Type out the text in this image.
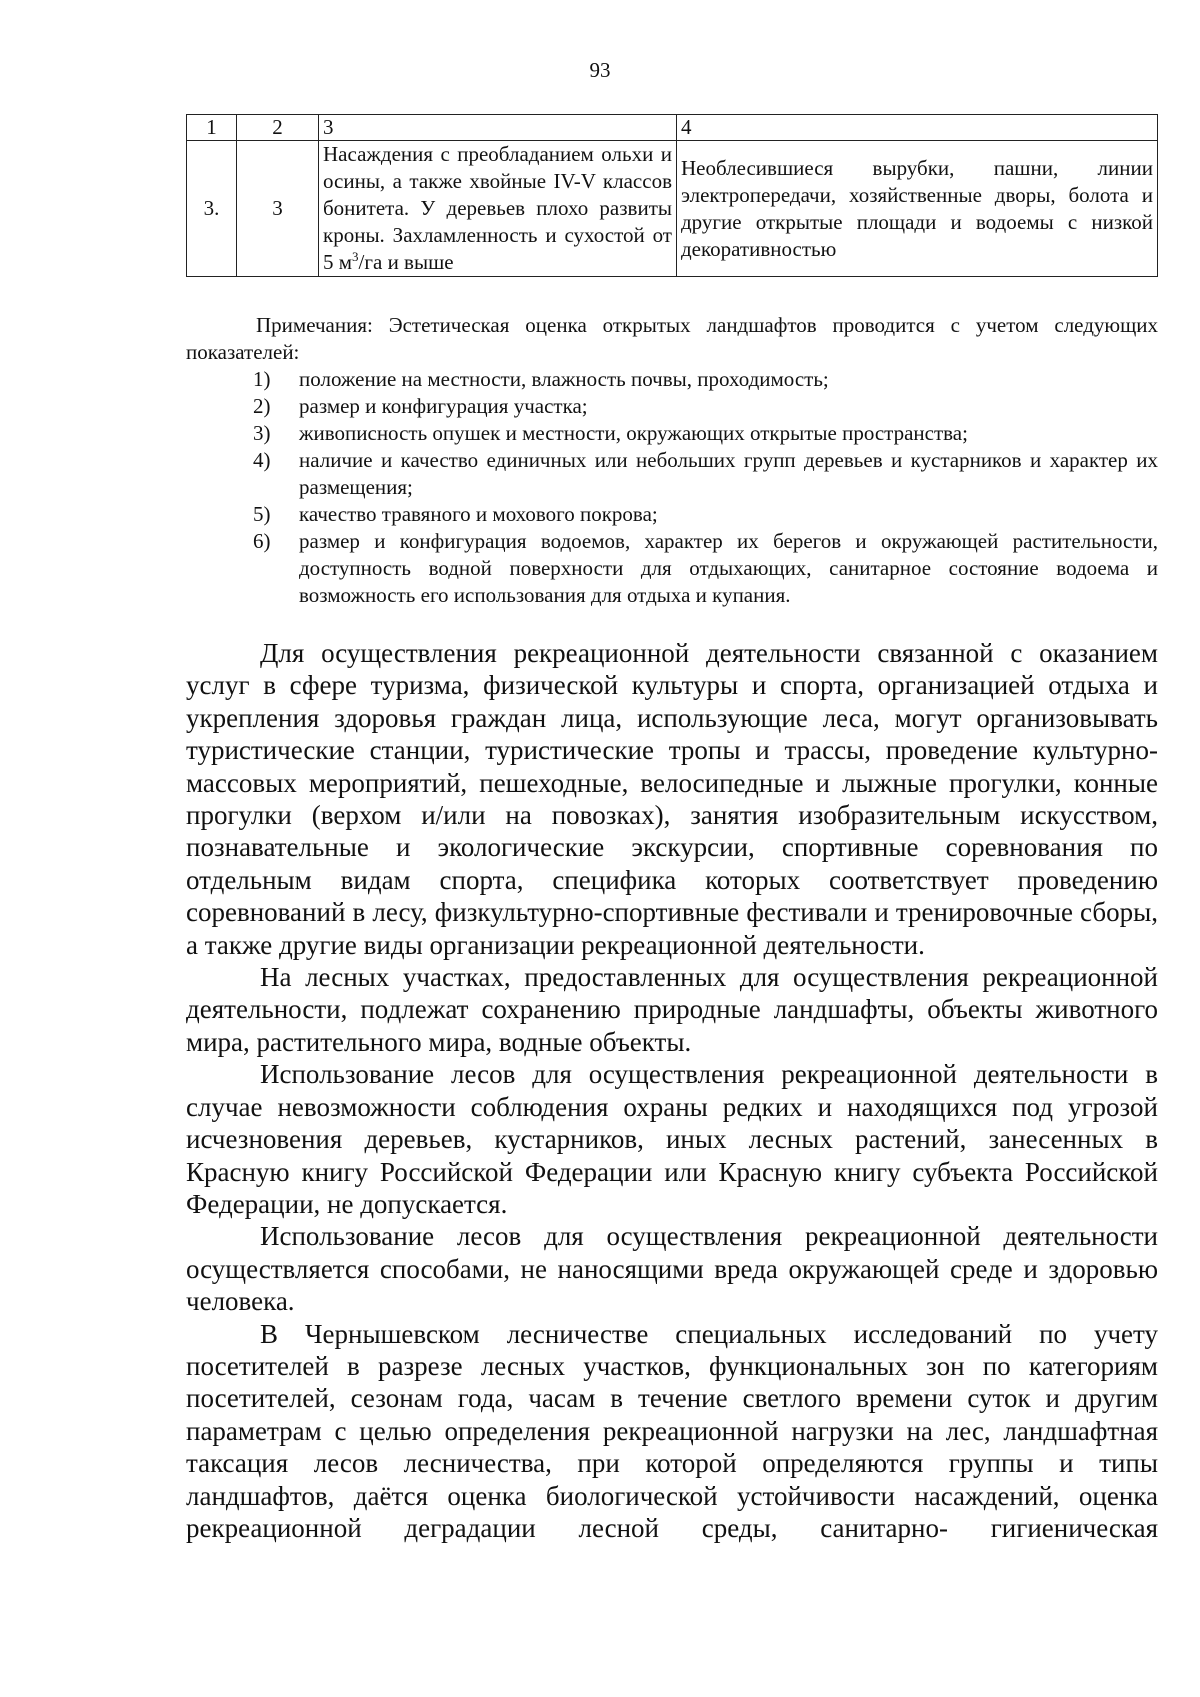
93
1	2	3	4
3.	3	Насаждения с преобладанием ольхи и осины, а также хвойные IV-V классов бонитета. У деревьев плохо развиты кроны. Захламленность и сухостой от 5 $м^3/га$ и выше	Необлесившиеся вырубки, пашни, линии электропередачи, хозяйственные дворы, болота и другие открытые площади и водоемы с низкой декоративностью

Примечания: Эстетическая оценка открытых ландшафтов проводится с учетом следующих показателей:

1) положение на местности, влажность почвы, проходимость;
2) размер и конфигурация участка;
3) живописность опушек и местности, окружающих открытые пространства;
4) наличие и качество единичных или небольших групп деревьев и кустарников и характер их размещения;
5) качество травяного и мохового покрова;
6) размер и конфигурация водоемов, характер их берегов и окружающей растительности, доступность водной поверхности для отдыхающих, санитарное состояние водоема и возможность его использования для отдыха и купания.

Для осуществления рекреационной деятельности связанной с оказанием услуг в сфере туризма, физической культуры и спорта, организацией отдыха и укрепления здоровья граждан лица, использующие леса, могут организовывать туристические станции, туристические тропы и трассы, проведение культурно-массовых мероприятий, пешеходные, велосипедные и лыжные прогулки, конные прогулки (верхом и/или на повозках), занятия изобразительным искусством, познавательные и экологические экскурсии, спортивные соревнования по отдельным видам спорта, специфика которых соответствует проведению соревнований в лесу, физкультурно-спортивные фестивали и тренировочные сборы, а также другие виды организации рекреационной деятельности.

На лесных участках, предоставленных для осуществления рекреационной деятельности, подлежат сохранению природные ландшафты, объекты животного мира, растительного мира, водные объекты.

Использование лесов для осуществления рекреационной деятельности в случае невозможности соблюдения охраны редких и находящихся под угрозой исчезновения деревьев, кустарников, иных лесных растений, занесенных в Красную книгу Российской Федерации или Красную книгу субъекта Российской Федерации, не допускается.

Использование лесов для осуществления рекреационной деятельности осуществляется способами, не наносящими вреда окружающей среде и здоровью человека.

В Чернышевском лесничестве специальных исследований по учету посетителей в разрезе лесных участков, функциональных зон по категориям посетителей, сезонам года, часам в течение светлого времени суток и другим параметрам с целью определения рекреационной нагрузки на лес, ландшафтная таксация лесов лесничества, при которой определяются группы и типы ландшафтов, даётся оценка биологической устойчивости насаждений, оценка рекреационной деградации лесной среды, санитарно- гигиеническая
